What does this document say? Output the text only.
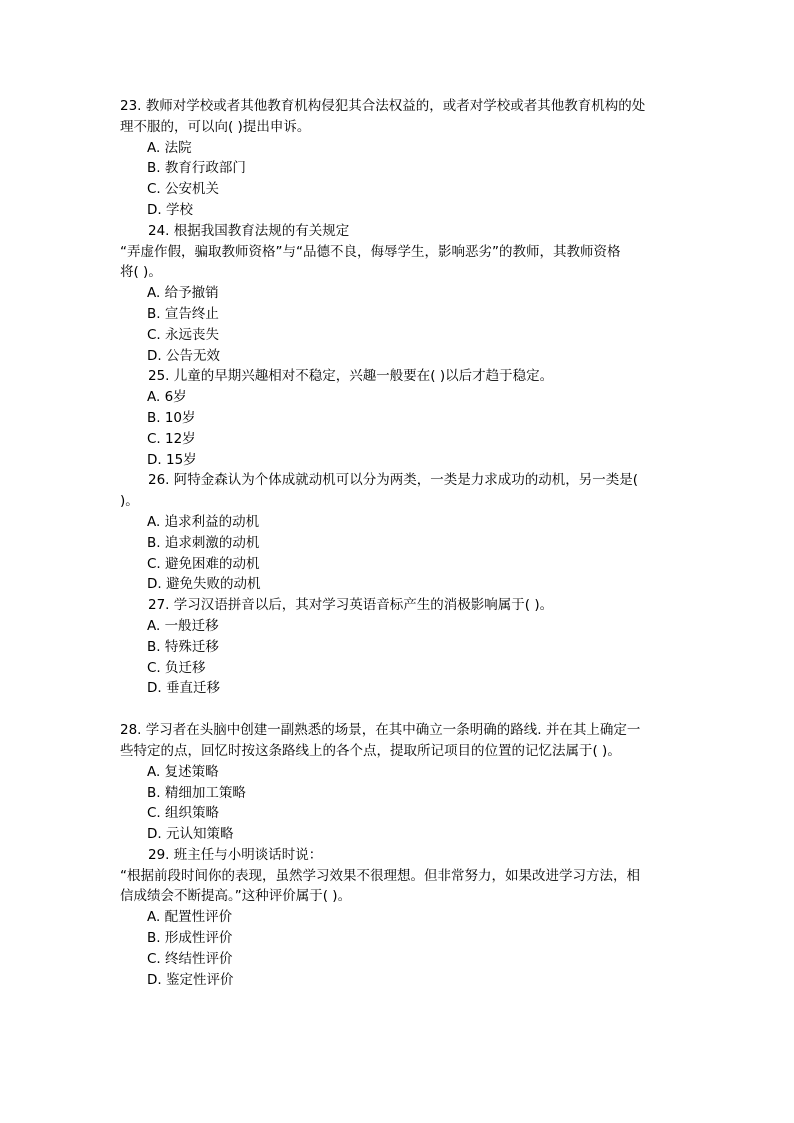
23. 教师对学校或者其他教育机构侵犯其合法权益的，或者对学校或者其他教育机构的处
理不服的，可以向( )提出申诉。
A. 法院
B. 教育行政部门
C. 公安机关
D. 学校
24. 根据我国教育法规的有关规定
“弄虚作假，骗取教师资格”与“品德不良，侮辱学生，影响恶劣”的教师，其教师资格
将( )。
A. 给予撤销
B. 宣告终止
C. 永远丧失
D. 公告无效
25. 儿童的早期兴趣相对不稳定，兴趣一般要在( )以后才趋于稳定。
A. 6岁
B. 10岁
C. 12岁
D. 15岁
26. 阿特金森认为个体成就动机可以分为两类，一类是力求成功的动机，另一类是(
)。
A. 追求利益的动机
B. 追求刺激的动机
C. 避免困难的动机
D. 避免失败的动机
27. 学习汉语拼音以后，其对学习英语音标产生的消极影响属于( )。
A. 一般迁移
B. 特殊迁移
C. 负迁移
D. 垂直迁移
28. 学习者在头脑中创建一副熟悉的场景，在其中确立一条明确的路线. 并在其上确定一
些特定的点，回忆时按这条路线上的各个点，提取所记项目的位置的记忆法属于( )。
A. 复述策略
B. 精细加工策略
C. 组织策略
D. 元认知策略
29. 班主任与小明谈话时说：
“根据前段时间你的表现，虽然学习效果不很理想。但非常努力，如果改进学习方法，相
信成绩会不断提高。”这种评价属于( )。
A. 配置性评价
B. 形成性评价
C. 终结性评价
D. 鉴定性评价
